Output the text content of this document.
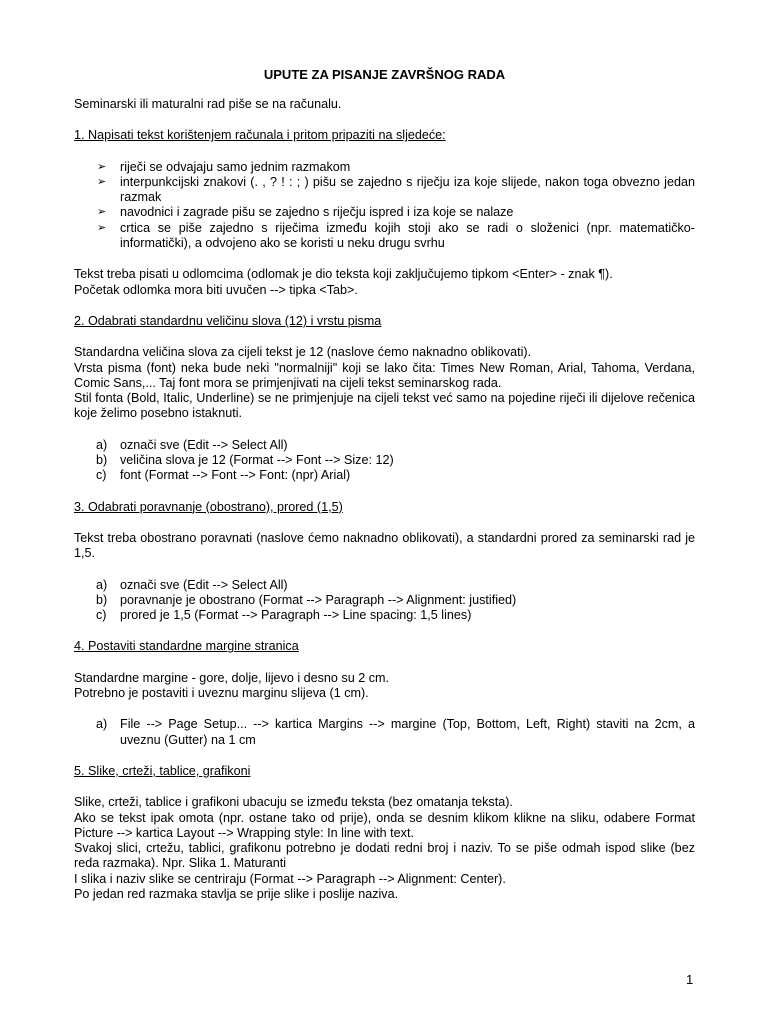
UPUTE ZA PISANJE ZAVRŠNOG RADA

Seminarski ili maturalni rad piše se na računalu.

1. Napisati tekst korištenjem računala i pritom pripaziti na sljedeće:

➢ riječi se odvajaju samo jednim razmakom
➢ interpunkcijski znakovi (. , ? ! : ; ) pišu se zajedno s riječju iza koje slijede, nakon toga obvezno jedan razmak
➢ navodnici i zagrade pišu se zajedno s riječju ispred i iza koje se nalaze
➢ crtica se piše zajedno s riječima između kojih stoji ako se radi o složenici (npr. matematičko-informatički), a odvojeno ako se koristi u neku drugu svrhu

Tekst treba pisati u odlomcima (odlomak je dio teksta koji zaključujemo tipkom <Enter> - znak ¶).

Početak odlomka mora biti uvučen --> tipka <Tab>.

2. Odabrati standardnu veličinu slova (12) i vrstu pisma

Standardna veličina slova za cijeli tekst je 12 (naslove ćemo naknadno oblikovati).

Vrsta pisma (font) neka bude neki "normalniji" koji se lako čita: Times New Roman, Arial, Tahoma, Verdana, Comic Sans,... Taj font mora se primjenjivati na cijeli tekst seminarskog rada.

Stil fonta (Bold, Italic, Underline) se ne primjenjuje na cijeli tekst već samo na pojedine riječi ili dijelove rečenica koje želimo posebno istaknuti.

a) označi sve (Edit --> Select All)
b) veličina slova je 12 (Format --> Font --> Size: 12)
c) font (Format --> Font --> Font: (npr) Arial)

3. Odabrati poravnanje (obostrano), prored (1,5)

Tekst treba obostrano poravnati (naslove ćemo naknadno oblikovati), a standardni prored za seminarski rad je 1,5.

a) označi sve (Edit --> Select All)
b) poravnanje je obostrano (Format --> Paragraph --> Alignment: justified)
c) prored je 1,5 (Format --> Paragraph --> Line spacing: 1,5 lines)

4. Postaviti standardne margine stranica

Standardne margine - gore, dolje, lijevo i desno su 2 cm.

Potrebno je postaviti i uveznu marginu slijeva (1 cm).

a) File --> Page Setup... --> kartica Margins --> margine (Top, Bottom, Left, Right) staviti na 2cm, a uveznu (Gutter) na 1 cm

5. Slike, crteži, tablice, grafikoni

Slike, crteži, tablice i grafikoni ubacuju se između teksta (bez omatanja teksta).

Ako se tekst ipak omota (npr. ostane tako od prije), onda se desnim klikom klikne na sliku, odabere Format Picture --> kartica Layout --> Wrapping style: In line with text.

Svakoj slici, crtežu, tablici, grafikonu potrebno je dodati redni broj i naziv. To se piše odmah ispod slike (bez reda razmaka). Npr. Slika 1. Maturanti

I slika i naziv slike se centriraju (Format --> Paragraph --> Alignment: Center).

Po jedan red razmaka stavlja se prije slike i poslije naziva.

1
